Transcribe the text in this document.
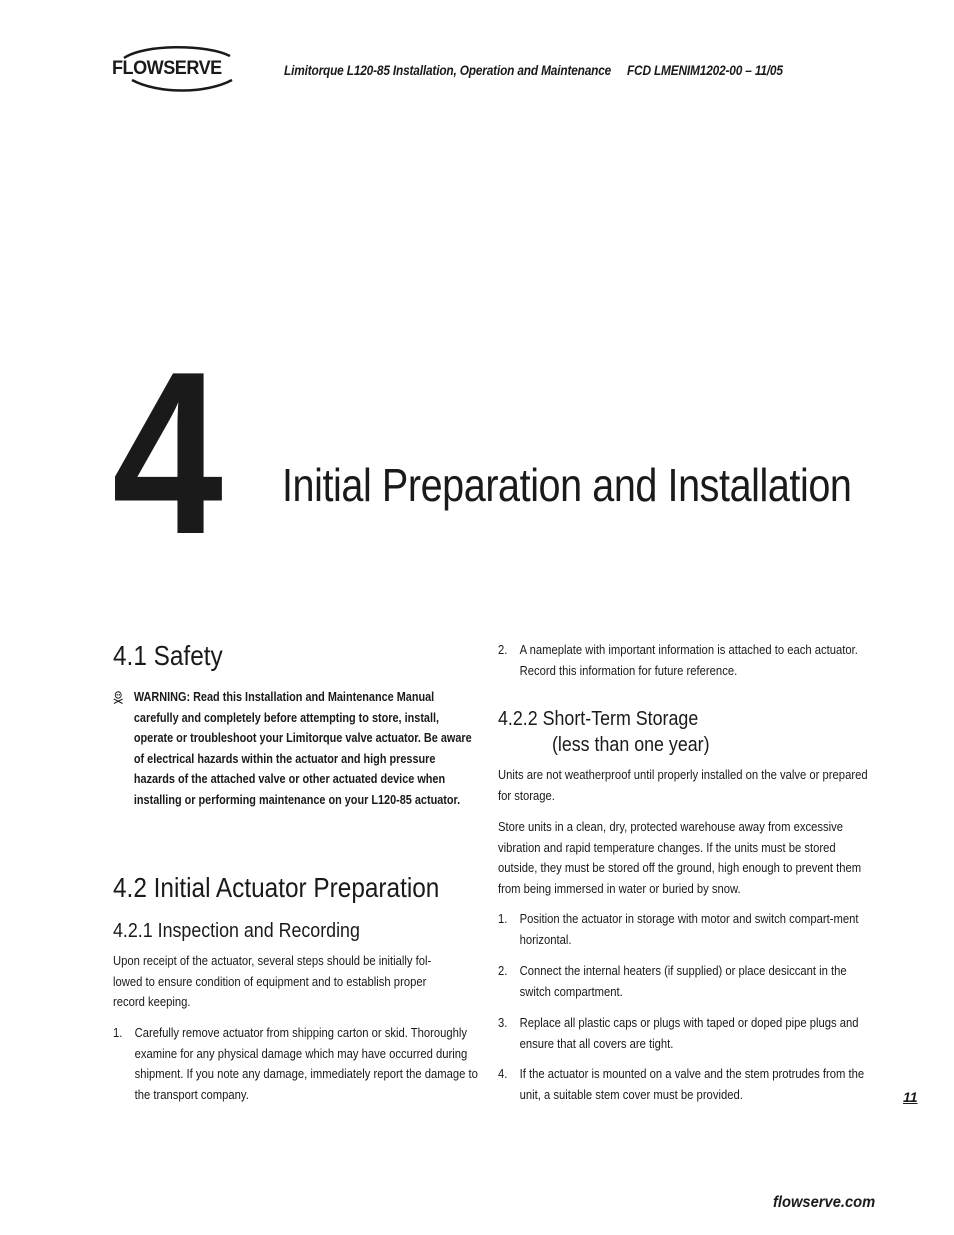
FLOWSERVE	Limitorque L120-85 Installation, Operation and Maintenance FCD LMENIM1202-00 – 11/05
4 Initial Preparation and Installation
4.1 Safety
WARNING: Read this Installation and Maintenance Manual carefully and completely before attempting to store, install, operate or troubleshoot your Limitorque valve actuator. Be aware of electrical hazards within the actuator and high pressure hazards of the attached valve or other actuated device when installing or performing maintenance on your L120-85 actuator.
4.2 Initial Actuator Preparation
4.2.1 Inspection and Recording
Upon receipt of the actuator, several steps should be initially fol-lowed to ensure condition of equipment and to establish proper record keeping.
1. Carefully remove actuator from shipping carton or skid. Thoroughly examine for any physical damage which may have occurred during shipment. If you note any damage, immediately report the damage to the transport company.
2. A nameplate with important information is attached to each actuator. Record this information for future reference.
4.2.2 Short-Term Storage
(less than one year)
Units are not weatherproof until properly installed on the valve or prepared for storage.
Store units in a clean, dry, protected warehouse away from excessive vibration and rapid temperature changes. If the units must be stored outside, they must be stored off the ground, high enough to prevent them from being immersed in water or buried by snow.
1. Position the actuator in storage with motor and switch compart-ment horizontal.
2. Connect the internal heaters (if supplied) or place desiccant in the switch compartment.
3. Replace all plastic caps or plugs with taped or doped pipe plugs and ensure that all covers are tight.
4. If the actuator is mounted on a valve and the stem protrudes from the unit, a suitable stem cover must be provided.	11
flowserve.com
